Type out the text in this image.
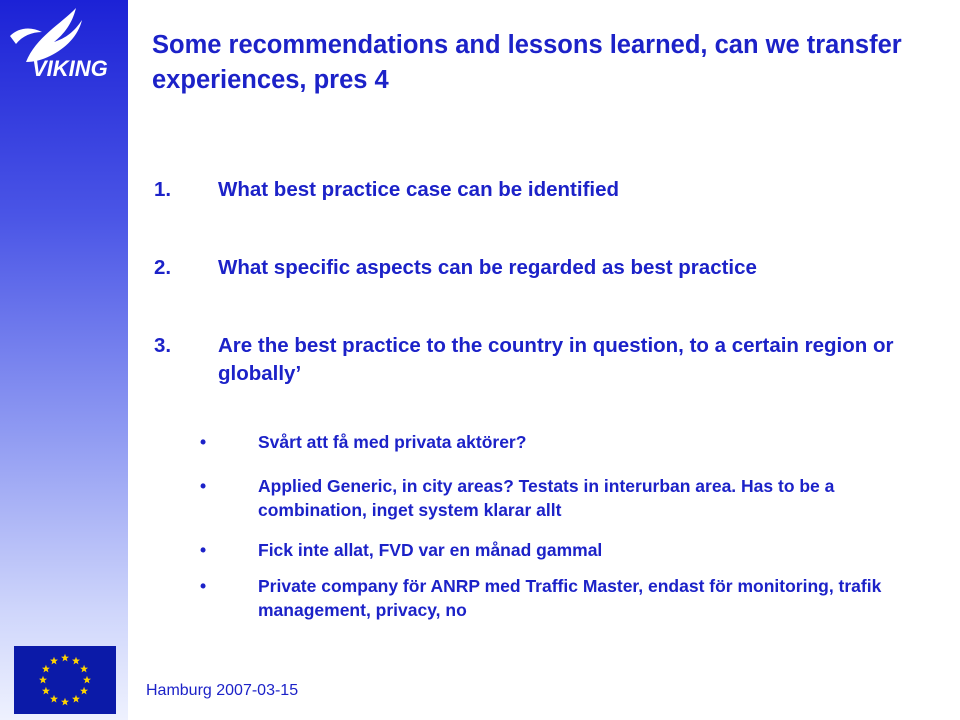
VIKING
Some recommendations and lessons learned, can we transfer experiences, pres 4
1. What best practice case can be identified
2. What specific aspects can be regarded as best practice
3. Are the best practice to the country in question, to a certain region or globally’
•	Svårt att få med privata aktörer?
•	Applied Generic, in city areas? Testats in interurban area. Has to be a combination, inget system klarar allt
•	Fick inte allat, FVD var en månad gammal
•	Private company för ANRP med Traffic Master, endast för monitoring, trafik management, privacy, no
Hamburg 2007-03-15
